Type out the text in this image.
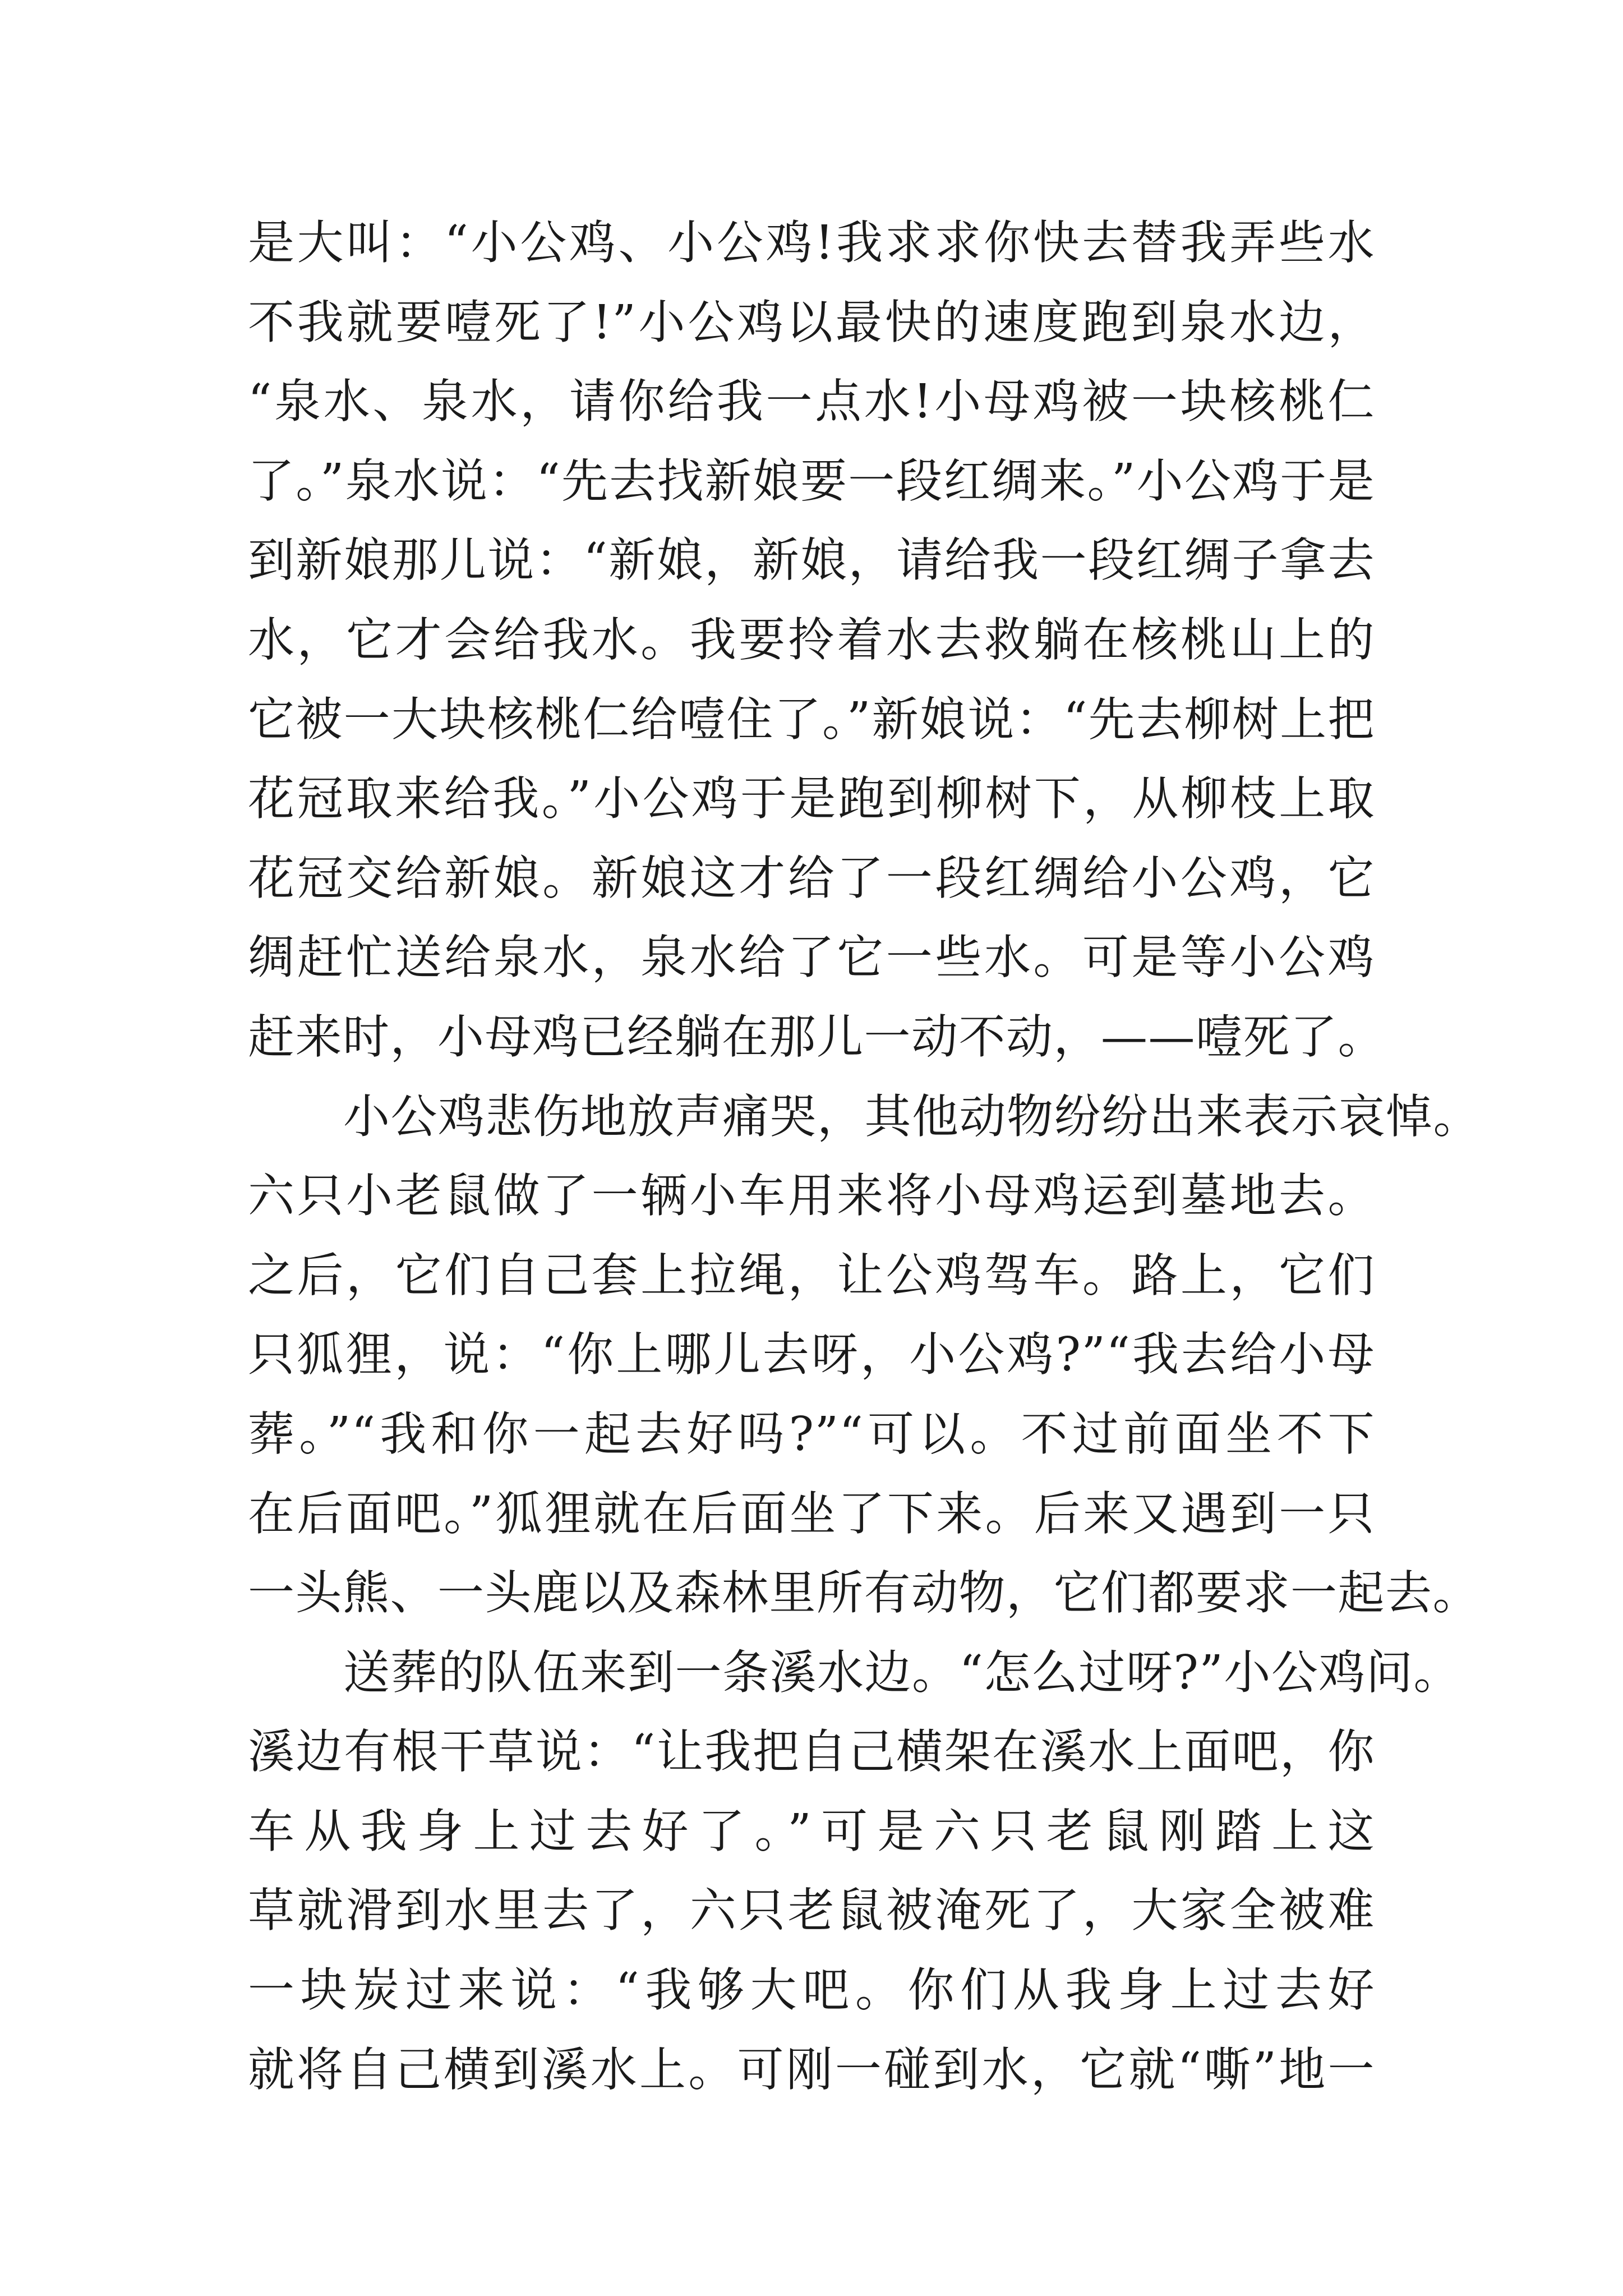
是大叫：“小公鸡、小公鸡!我求求你快去替我弄些水
不我就要噎死了!”小公鸡以最快的速度跑到泉水边，
“泉水、泉水，请你给我一点水!小母鸡被一块核桃仁
了。”泉水说：“先去找新娘要一段红绸来。”小公鸡于是
到新娘那儿说：“新娘，新娘，请给我一段红绸子拿去
水，它才会给我水。我要拎着水去救躺在核桃山上的
它被一大块核桃仁给噎住了。”新娘说：“先去柳树上把
花冠取来给我。”小公鸡于是跑到柳树下，从柳枝上取
花冠交给新娘。新娘这才给了一段红绸给小公鸡，它
绸赶忙送给泉水，泉水给了它一些水。可是等小公鸡
赶来时，小母鸡已经躺在那儿一动不动，——噎死了。
小公鸡悲伤地放声痛哭，其他动物纷纷出来表示哀悼。
六只小老鼠做了一辆小车用来将小母鸡运到墓地去。
之后，它们自己套上拉绳，让公鸡驾车。路上，它们
只狐狸，说：“你上哪儿去呀，小公鸡?”“我去给小母
葬。”“我和你一起去好吗?”“可以。不过前面坐不下
在后面吧。”狐狸就在后面坐了下来。后来又遇到一只
一头熊、一头鹿以及森林里所有动物，它们都要求一起去。
送葬的队伍来到一条溪水边。“怎么过呀?”小公鸡问。
溪边有根干草说：“让我把自己横架在溪水上面吧，你
车从我身上过去好了。”可是六只老鼠刚踏上这
草就滑到水里去了，六只老鼠被淹死了，大家全被难
一块炭过来说：“我够大吧。你们从我身上过去好
就将自己横到溪水上。可刚一碰到水，它就“嘶”地一
